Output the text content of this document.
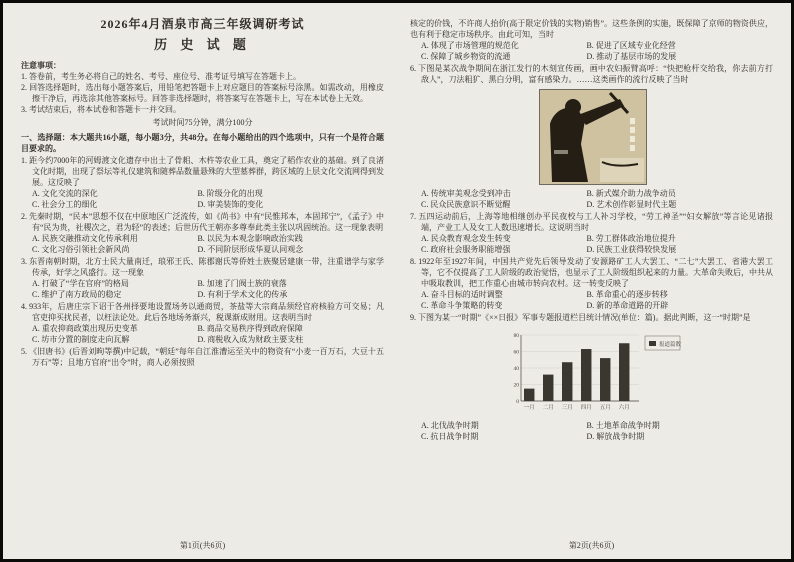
2026年4月酒泉市高三年级调研考试
历 史 试 题
注意事项：
1. 答卷前，考生务必将自己的姓名、考号、座位号、准考证号填写在答题卡上。
2. 回答选择题时，选出每小题答案后，用铅笔把答题卡上对应题目的答案标号涂黑。如需改动，用橡皮擦干净后，再选涂其他答案标号。回答非选择题时，将答案写在答题卡上，写在本试卷上无效。
3. 考试结束后，将本试卷和答题卡一并交回。
考试时间75分钟，满分100分
一、选择题：本大题共16小题，每小题3分，共48分。在每小题给出的四个选项中，只有一个是符合题目要求的。
1. 距今约7000年的河姆渡文化遗存中出土了骨耜、木杵等农业工具，奠定了稻作农业的基础。到了良渚文化时期，出现了祭坛等礼仪建筑和随葬品数量悬殊的大型墓葬群，跨区域的上层文化交流网得到发展。这反映了
A. 文化交流的深化	B. 阶级分化的出现
C. 社会分工的细化	D. 审美装饰的变化
2. 先秦时期，“民本”思想不仅在中原地区广泛流传，如《尚书》中有“民惟邦本，本固邦宁”，《孟子》中有“民为贵，社稷次之，君为轻”的表述；后世历代王朝亦多尊奉此类主张以巩固统治。这一现象表明
A. 民族交融推动文化传承利用	B. 以民为本观念影响政治实践
C. 文化习俗引领社会新风尚	D. 不同阶层形成华夏认同观念
3. 东晋南朝时期，北方士民大量南迁，琅邪王氏、陈郡谢氏等侨姓士族聚居建康一带，注重谱学与家学传承，好学之风盛行。这一现象
A. 打破了“学在官府”的格局	B. 加速了门阀士族的衰落
C. 维护了南方政局的稳定	D. 有利于学术文化的传承
4. 933年，后唐庄宗下诏于各州择要地设置场务以通商贸，茶盐等大宗商品须经官府核验方可交易；凡官吏抑买扰民者，以枉法论处。此后各地场务渐兴，税课渐成财用。这表明当时
A. 重农抑商政策出现历史变革	B. 商品交易秩序得到政府保障
C. 坊市分置的制度走向瓦解	D. 商税收入成为财政主要支柱
5. 《旧唐书》(后晋刘昫等撰)中记载，“朝廷”每年自江淮漕运至关中的物资有“小麦一百万石，大豆十五万石”等；且地方官府“出令”时，商人必须按照
第1页(共6页)
核定的价钱，不许商人抬价(高于限定价钱的实物)销售”。这些条例的实施，既保障了京师的物资供应，也有利于稳定市场秩序。由此可知，当时
A. 体现了市场管理的规范化	B. 促进了区域专业化经营
C. 保障了城乡物资的流通	D. 推动了基层市场的发展
6. 下图是某次战争期间在浙江发行的木刻宣传画，画中农妇振臂高呼：“快把枪杆交给我，你去前方打敌人”，刀法粗犷、黑白分明，富有感染力。……这类画作的流行反映了当时
A. 传统审美观念受到冲击	B. 新式媒介助力战争动员
C. 民众民族意识不断觉醒	D. 艺术创作彰显时代主题
7. 五四运动前后，上海等地相继创办平民夜校与工人补习学校，“劳工神圣”“妇女解放”等言论见诸报端，产业工人及女工人数迅速增长。这说明当时
A. 民众教育观念发生转变	B. 劳工群体政治地位提升
C. 政府社会服务职能增强	D. 民族工业获得较快发展
8. 1922年至1927年间，中国共产党先后领导发动了安源路矿工人大罢工、“二七”大罢工、省港大罢工等，它不仅提高了工人阶级的政治觉悟，也显示了工人阶级组织起来的力量。大革命失败后，中共从中吸取教训，把工作重心由城市转向农村。这一转变反映了
A. 奋斗目标的适时调整	B. 革命重心的逐步转移
C. 革命斗争策略的转变	D. 新的革命道路的开辟
9. 下图为某一“时期”《××日报》军事专题报道栏目统计情况(单位：篇)。据此判断，这一“时期”是
0
20
40
60
80
一月 二月 三月 四月 五月 六月
报道篇数
A. 北伐战争时期	B. 土地革命战争时期
C. 抗日战争时期	D. 解放战争时期
第2页(共6页)
